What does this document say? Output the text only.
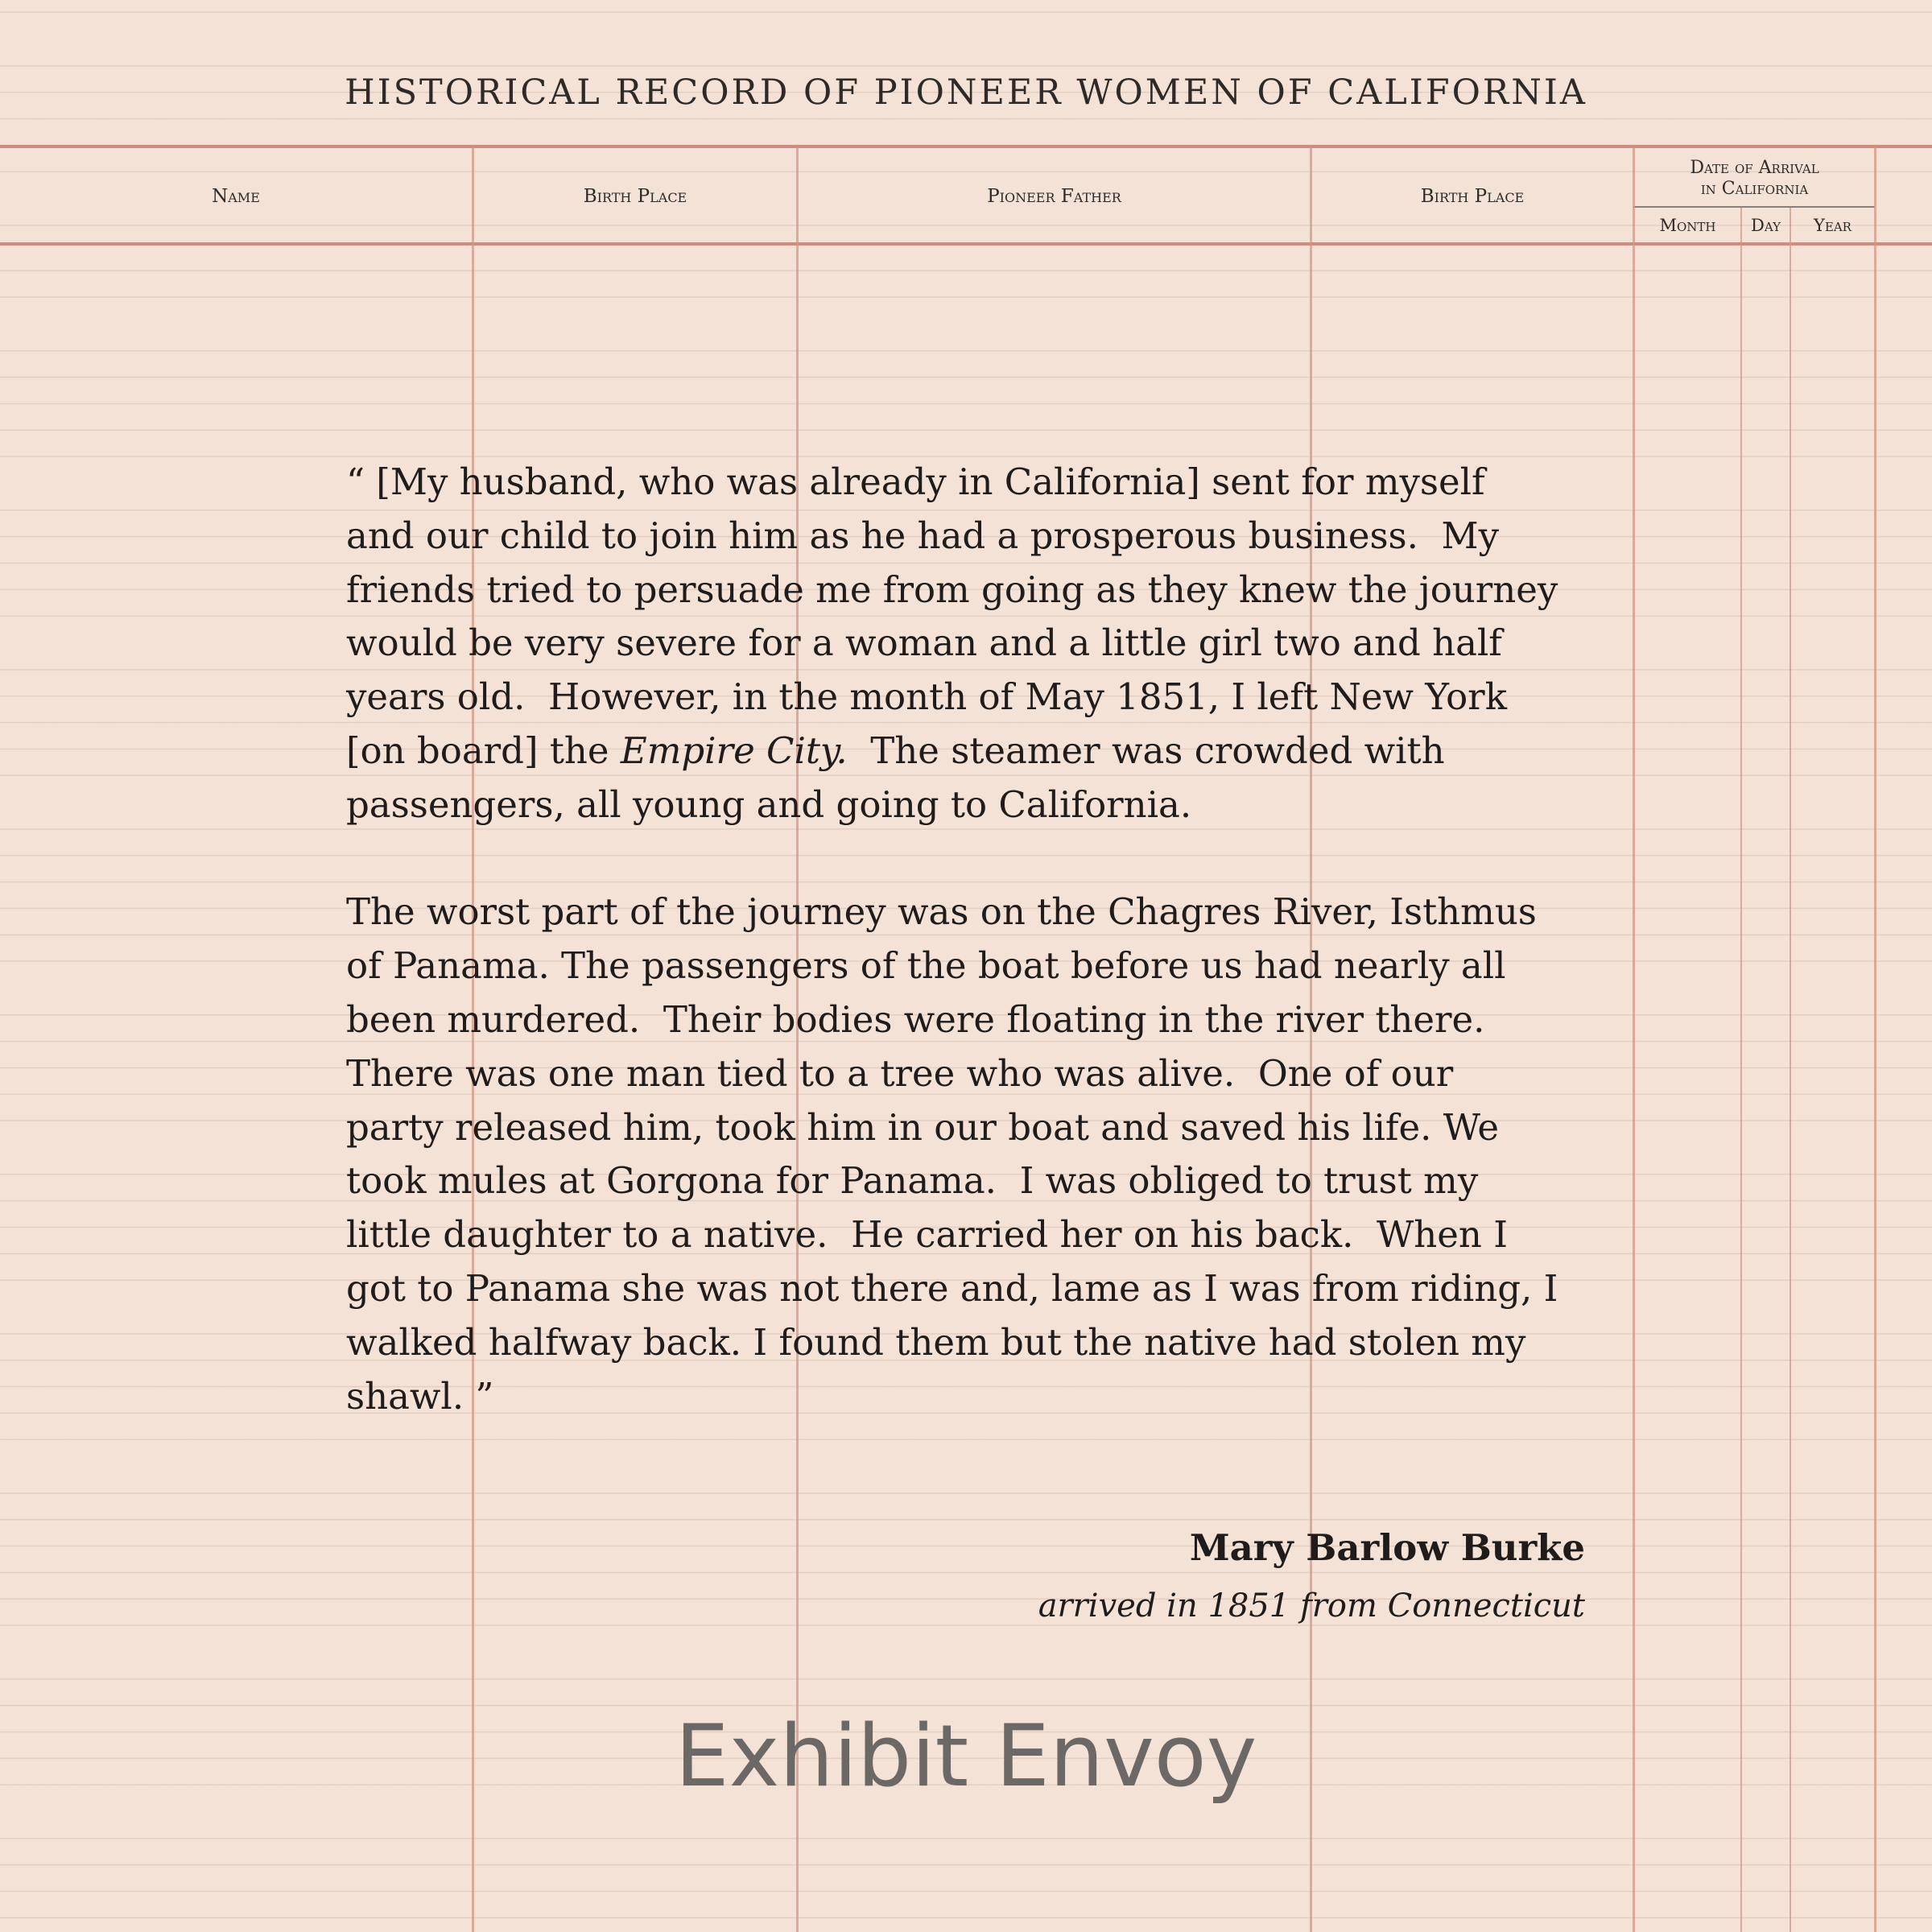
HISTORICAL RECORD OF PIONEER WOMEN OF CALIFORNIA
Name	Birth Place	Pioneer Father	Birth Place
Date of Arrival
in California
Month	Day	Year

“ [My husband, who was already in California] sent for myself

and our child to join him as he had a prosperous business.  My

friends tried to persuade me from going as they knew the journey

would be very severe for a woman and a little girl two and half

years old.  However, in the month of May 1851, I left New York

[on board] the Empire City.  The steamer was crowded with

passengers, all young and going to California.

The worst part of the journey was on the Chagres River, Isthmus

of Panama. The passengers of the boat before us had nearly all

been murdered.  Their bodies were floating in the river there.

There was one man tied to a tree who was alive.  One of our

party released him, took him in our boat and saved his life. We

took mules at Gorgona for Panama.  I was obliged to trust my

little daughter to a native.  He carried her on his back.  When I

got to Panama she was not there and, lame as I was from riding, I

walked halfway back. I found them but the native had stolen my

shawl. ”

Mary Barlow Burke
arrived in 1851 from Connecticut
Exhibit Envoy
